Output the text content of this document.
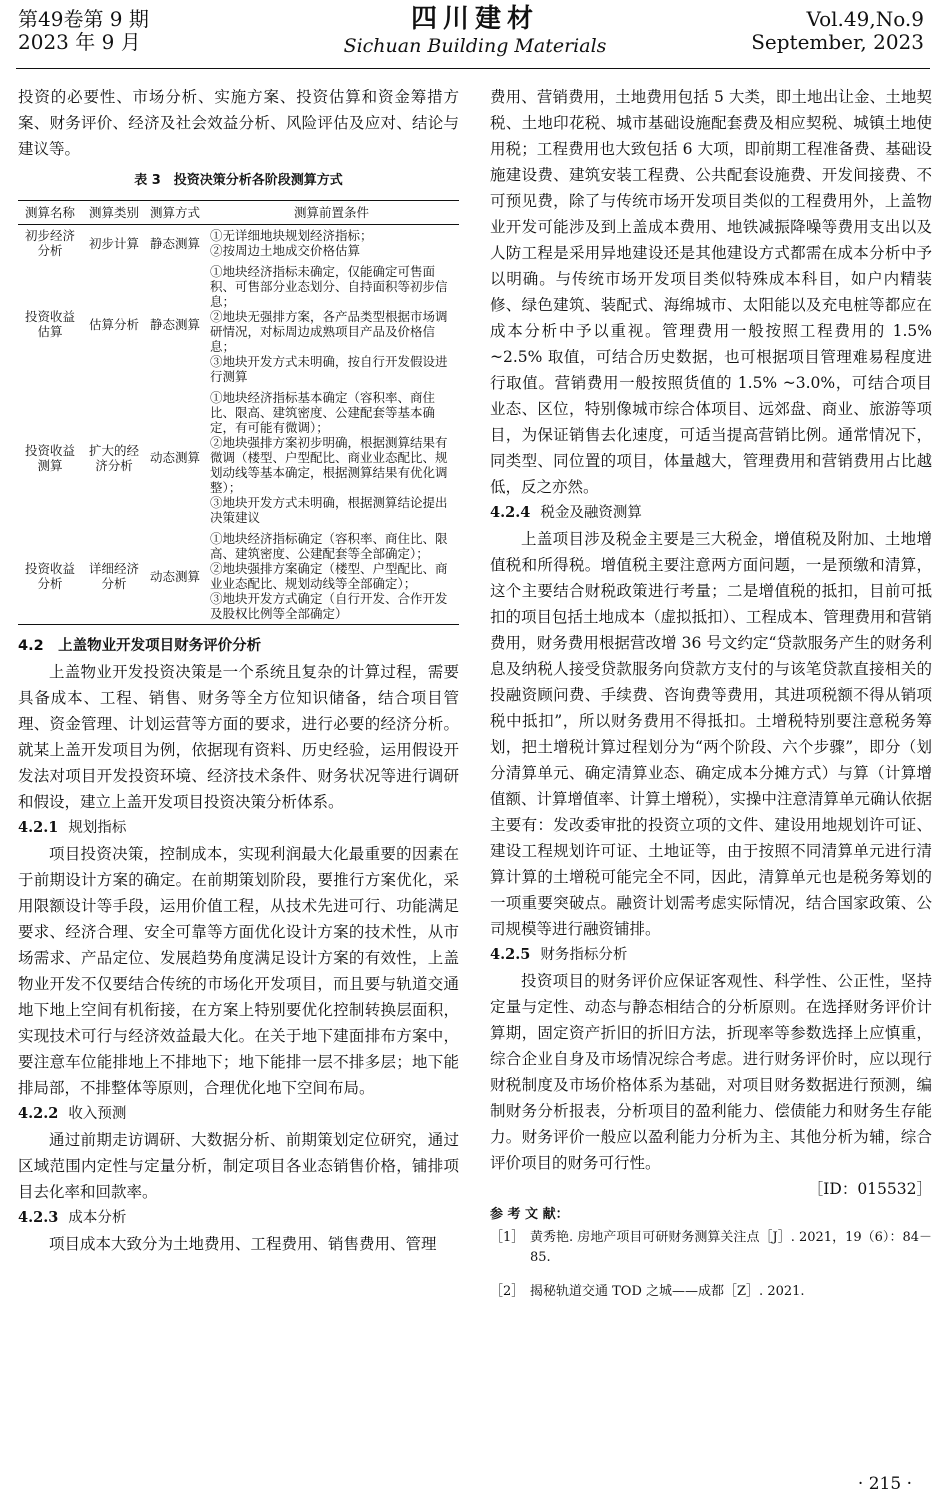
第49卷第 9 期
2023 年 9 月
四川建材
Sichuan Building Materials
Vol.49,No.9
September, 2023

投资的必要性、市场分析、实施方案、投资估算和资金筹措方案、财务评价、经济及社会效益分析、风险评估及应对、结论与建议等。

表 3　投资决策分析各阶段测算方式
测算名称	测算类别	测算方式	测算前置条件
初步经济分析	初步计算	静态测算	①无详细地块规划经济指标；
②按周边土地成交价格估算

投资收益估算	估算分析	静态测算	①地块经济指标未确定，仅能确定可售面积、可售部分业态划分、自持面积等初步信息；
②地块无强排方案，各产品类型根据市场调研情况，对标周边成熟项目产品及价格信息；
③地块开发方式未明确，按自行开发假设进行测算

投资收益测算	扩大的经济分析	动态测算	①地块经济指标基本确定（容积率、商住比、限高、建筑密度、公建配套等基本确定，有可能有微调）；
②地块强排方案初步明确，根据测算结果有微调（楼型、户型配比、商业业态配比、规划动线等基本确定，根据测算结果有优化调整）；
③地块开发方式未明确，根据测算结论提出决策建议

投资收益分析	详细经济分析	动态测算	①地块经济指标确定（容积率、商住比、限高、建筑密度、公建配套等全部确定）；
②地块强排方案确定（楼型、户型配比、商业业态配比、规划动线等全部确定）；
③地块开发方式确定（自行开发、合作开发及股权比例等全部确定）

4.2　上盖物业开发项目财务评价分析

上盖物业开发投资决策是一个系统且复杂的计算过程，需要具备成本、工程、销售、财务等全方位知识储备，结合项目管理、资金管理、计划运营等方面的要求，进行必要的经济分析。就某上盖开发项目为例，依据现有资料、历史经验，运用假设开发法对项目开发投资环境、经济技术条件、财务状况等进行调研和假设，建立上盖开发项目投资决策分析体系。

4.2.1 规划指标

项目投资决策，控制成本，实现利润最大化最重要的因素在于前期设计方案的确定。在前期策划阶段，要推行方案优化，采用限额设计等手段，运用价值工程，从技术先进可行、功能满足要求、经济合理、安全可靠等方面优化设计方案的技术性，从市场需求、产品定位、发展趋势角度满足设计方案的有效性，上盖物业开发不仅要结合传统的市场化开发项目，而且要与轨道交通地下地上空间有机衔接，在方案上特别要优化控制转换层面积，实现技术可行与经济效益最大化。在关于地下建面排布方案中，要注意车位能排地上不排地下；地下能排一层不排多层；地下能排局部，不排整体等原则，合理优化地下空间布局。

4.2.2 收入预测

通过前期走访调研、大数据分析、前期策划定位研究，通过区域范围内定性与定量分析，制定项目各业态销售价格，铺排项目去化率和回款率。

4.2.3 成本分析

项目成本大致分为土地费用、工程费用、销售费用、管理

费用、营销费用，土地费用包括 5 大类，即土地出让金、土地契税、土地印花税、城市基础设施配套费及相应契税、城镇土地使用税；工程费用也大致包括 6 大项，即前期工程准备费、基础设施建设费、建筑安装工程费、公共配套设施费、开发间接费、不可预见费，除了与传统市场开发项目类似的工程费用外，上盖物业开发可能涉及到上盖成本费用、地铁减振降噪等费用支出以及人防工程是采用异地建设还是其他建设方式都需在成本分析中予以明确。与传统市场开发项目类似特殊成本科目，如户内精装修、绿色建筑、装配式、海绵城市、太阳能以及充电桩等都应在成本分析中予以重视。管理费用一般按照工程费用的 1.5% ~2.5% 取值，可结合历史数据，也可根据项目管理难易程度进行取值。营销费用一般按照货值的 1.5% ~3.0%，可结合项目业态、区位，特别像城市综合体项目、远郊盘、商业、旅游等项目，为保证销售去化速度，可适当提高营销比例。通常情况下，同类型、同位置的项目，体量越大，管理费用和营销费用占比越低，反之亦然。

4.2.4 税金及融资测算

上盖项目涉及税金主要是三大税金，增值税及附加、土地增值税和所得税。增值税主要注意两方面问题，一是预缴和清算，这个主要结合财税政策进行考量；二是增值税的抵扣，目前可抵扣的项目包括土地成本（虚拟抵扣）、工程成本、管理费用和营销费用，财务费用根据营改增 36 号文约定“贷款服务产生的财务利息及纳税人接受贷款服务向贷款方支付的与该笔贷款直接相关的投融资顾问费、手续费、咨询费等费用，其进项税额不得从销项税中抵扣”，所以财务费用不得抵扣。土增税特别要注意税务筹划，把土增税计算过程划分为“两个阶段、六个步骤”，即分（划分清算单元、确定清算业态、确定成本分摊方式）与算（计算增值额、计算增值率、计算土增税），实操中注意清算单元确认依据主要有：发改委审批的投资立项的文件、建设用地规划许可证、建设工程规划许可证、土地证等，由于按照不同清算单元进行清算计算的土增税可能完全不同，因此，清算单元也是税务筹划的一项重要突破点。融资计划需考虑实际情况，结合国家政策、公司规模等进行融资铺排。

4.2.5 财务指标分析

投资项目的财务评价应保证客观性、科学性、公正性，坚持定量与定性、动态与静态相结合的分析原则。在选择财务评价计算期，固定资产折旧的折旧方法，折现率等参数选择上应慎重，综合企业自身及市场情况综合考虑。进行财务评价时，应以现行财税制度及市场价格体系为基础，对项目财务数据进行预测，编制财务分析报表，分析项目的盈利能力、偿债能力和财务生存能力。财务评价一般应以盈利能力分析为主、其他分析为辅，综合评价项目的财务可行性。

［ID：015532］

参 考 文 献：

［1］ 黄秀艳. 房地产项目可研财务测算关注点［J］. 2021，19（6）：84－85.
［2］ 揭秘轨道交通 TOD 之城——成都［Z］. 2021.
· 215 ·
